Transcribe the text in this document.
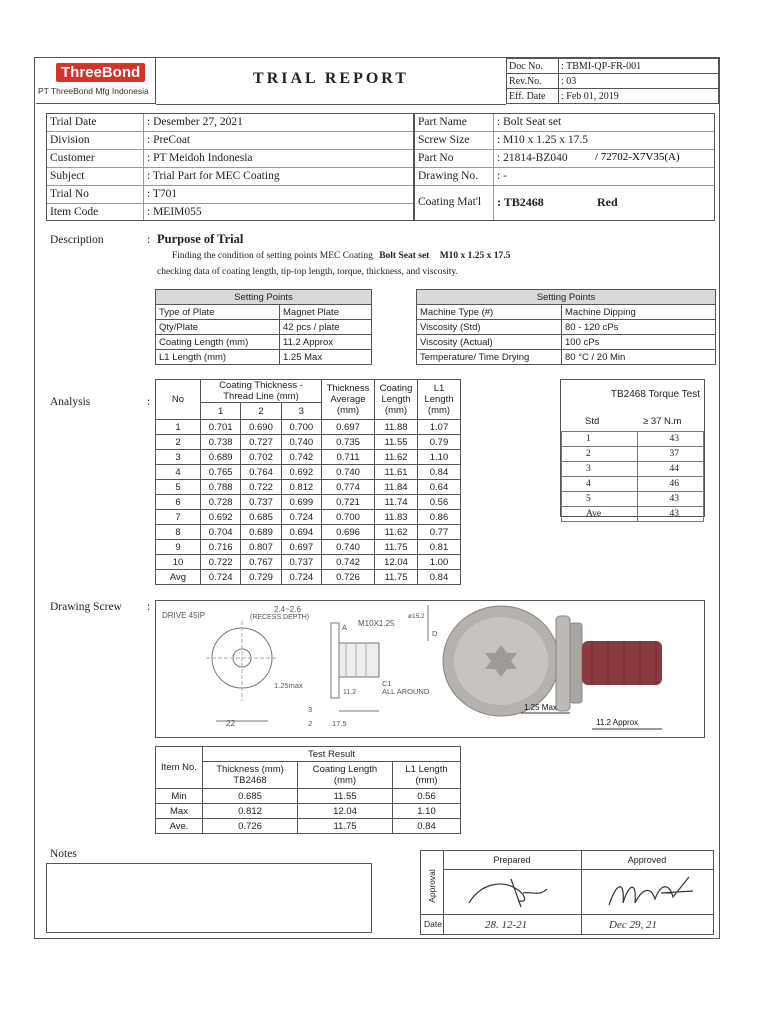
ThreeBond
PT ThreeBond Mfg Indonesia
TRIAL REPORT
Doc No.	: TBMI-QP-FR-001
Rev.No.	: 03
Eff. Date	: Feb 01, 2019
Trial Date	: Desember 27, 2021
Division	: PreCoat
Customer	: PT Meidoh Indonesia
Subject	: Trial Part for MEC Coating
Trial No	: T701
Item Code	: MEIM055
Part Name	: Bolt Seat set
Screw Size : M10 x 1.25 x 17.5
Part No	: 21814-BZ040 / 72702-X7V35(A)
Drawing No. : -
Coating Mat'l : TB2468	Red
Description	: Purpose of Trial
Finding the condition of setting points MEC Coating Bolt Seat set M10 x 1.25 x 17.5
checking data of coating length, tip-top length, torque, thickness, and viscosity.
Setting Points	
Type of Plate	Magnet Plate
Qty/Plate	42 pcs / plate
Coating Length (mm)	11.2 Approx
L1 Length (mm)	1.25 Max
Setting Points	
Machine Type (#)	Machine Dipping
Viscosity (Std)	80 - 120 cPs
Viscosity (Actual)	100 cPs
Temperature/ Time Drying	80 °C / 20 Min
Analysis	: No	Coating Thickness - Thread Line (mm)			Thickness Average (mm)	Coating Length (mm)	L1 Length (mm)
	1	2	3			
1	0.701	0.690	0.700	0.697	11.88	1.07
2	0.738	0.727	0.740	0.735	11.55	0.79
3	0.689	0.702	0.742	0.711	11.62	1.10
4	0.765	0.764	0.692	0.740	11.61	0.84
5	0.788	0.722	0.812	0.774	11.84	0.64
6	0.728	0.737	0.699	0.721	11.74	0.56
7	0.692	0.685	0.724	0.700	11.83	0.86
8	0.704	0.689	0.694	0.696	11.62	0.77
9	0.716	0.807	0.697	0.740	11.75	0.81
10	0.722	0.767	0.737	0.742	12.04	1.00
Avg	0.724	0.729	0.724	0.726	11.75	0.84
TB2468 Torque Test
Std	≥ 37 N.m
1	43
2	37
3	44
4	46
5	43
Ave	43
Drawing Screw :
DRIVE 45IP
2.4~2.6
(RECESS DEPTH)
A M10X1.25
D
ø15.2
1.25max
11.2
C1
ALL AROUND
22
3
2	17.5
1.25 Max
11.2 Approx
Item No.	Test Result		
	Thickness (mm) TB2468	Coating Length (mm)	L1 Length (mm)
Min	0.685	11.55	0.56
Max	0.812	12.04	1.10
Ave.	0.726	11.75	0.84
Notes
Approval
Prepared	Approved
Date	28. 12-21	Dec 29, 21
